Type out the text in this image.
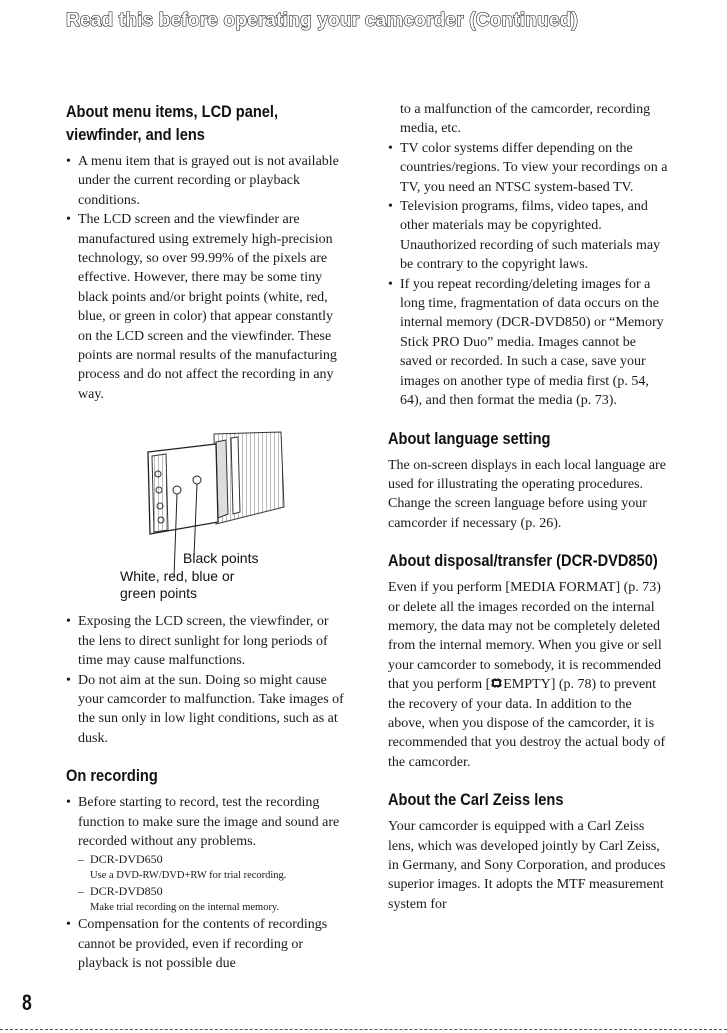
Read this before operating your camcorder (Continued)
About menu items, LCD panel, viewfinder, and lens
• A menu item that is grayed out is not available under the current recording or playback conditions.
• The LCD screen and the viewfinder are manufactured using extremely high-precision technology, so over 99.99% of the pixels are effective. However, there may be some tiny black points and/or bright points (white, red, blue, or green in color) that appear constantly on the LCD screen and the viewfinder. These points are normal results of the manufacturing process and do not affect the recording in any way.
Black points
White, red, blue or
green points
• Exposing the LCD screen, the viewfinder, or the lens to direct sunlight for long periods of time may cause malfunctions.
• Do not aim at the sun. Doing so might cause your camcorder to malfunction. Take images of the sun only in low light conditions, such as at dusk.
On recording
• Before starting to record, test the recording function to make sure the image and sound are recorded without any problems.
– DCR-DVD650
Use a DVD-RW/DVD+RW for trial recording.
– DCR-DVD850
Make trial recording on the internal memory.
• Compensation for the contents of recordings cannot be provided, even if recording or playback is not possible due

to a malfunction of the camcorder, recording media, etc.

• TV color systems differ depending on the countries/regions. To view your recordings on a TV, you need an NTSC system-based TV.
• Television programs, films, video tapes, and other materials may be copyrighted. Unauthorized recording of such materials may be contrary to the copyright laws.
• If you repeat recording/deleting images for a long time, fragmentation of data occurs on the internal memory (DCR-DVD850) or “Memory Stick PRO Duo” media. Images cannot be saved or recorded. In such a case, save your images on another type of media first (p. 54, 64), and then format the media (p. 73).
About language setting

The on-screen displays in each local language are used for illustrating the operating procedures. Change the screen language before using your camcorder if necessary (p. 26).

About disposal/transfer (DCR-DVD850)

Even if you perform [MEDIA FORMAT] (p. 73) or delete all the images recorded on the internal memory, the data may not be completely deleted from the internal memory. When you give or sell your camcorder to somebody, it is recommended that you perform [ EMPTY] (p. 78) to prevent the recovery of your data. In addition to the above, when you dispose of the camcorder, it is recommended that you destroy the actual body of the camcorder.

About the Carl Zeiss lens

Your camcorder is equipped with a Carl Zeiss lens, which was developed jointly by Carl Zeiss, in Germany, and Sony Corporation, and produces superior images. It adopts the MTF measurement system for

8
